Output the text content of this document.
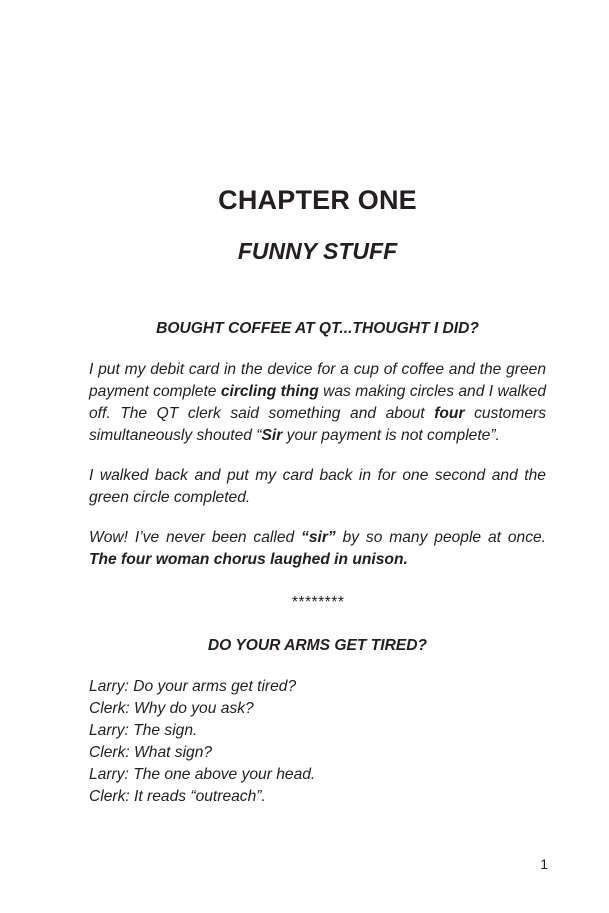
CHAPTER ONE
FUNNY STUFF

BOUGHT COFFEE AT QT...THOUGHT I DID?

I put my debit card in the device for a cup of coffee and the green payment complete circling thing was making circles and I walked off. The QT clerk said something and about four customers simultaneously shouted “Sir your payment is not complete”.

I walked back and put my card back in for one second and the green circle completed.

Wow! I’ve never been called “sir” by so many people at once. The four woman chorus laughed in unison.

********

DO YOUR ARMS GET TIRED?

Larry: Do your arms get tired?

Clerk: Why do you ask?

Larry: The sign.

Clerk: What sign?

Larry: The one above your head.

Clerk: It reads “outreach”.

1
